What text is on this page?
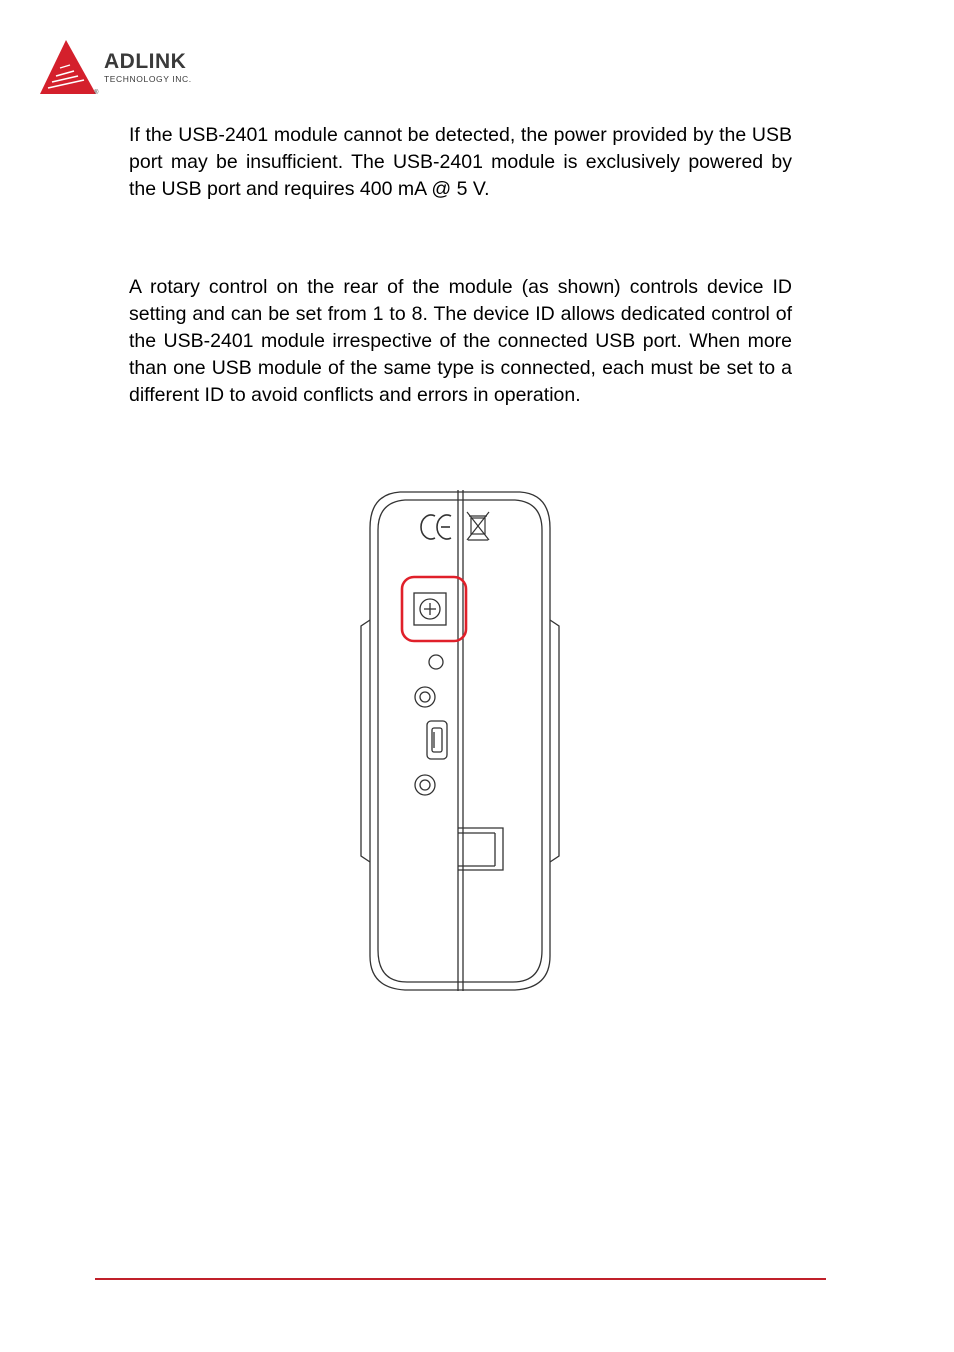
ADLINK
TECHNOLOGY INC.
®

If the USB-2401 module cannot be detected, the power provided by the USB port may be insufficient. The USB-2401 module is exclusively powered by the USB port and requires 400 mA @ 5 V.

A rotary control on the rear of the module (as shown) controls device ID setting and can be set from 1 to 8. The device ID allows dedicated control of the USB-2401 module irrespective of the connected USB port. When more than one USB module of the same type is connected, each must be set to a different ID to avoid conflicts and errors in operation.
